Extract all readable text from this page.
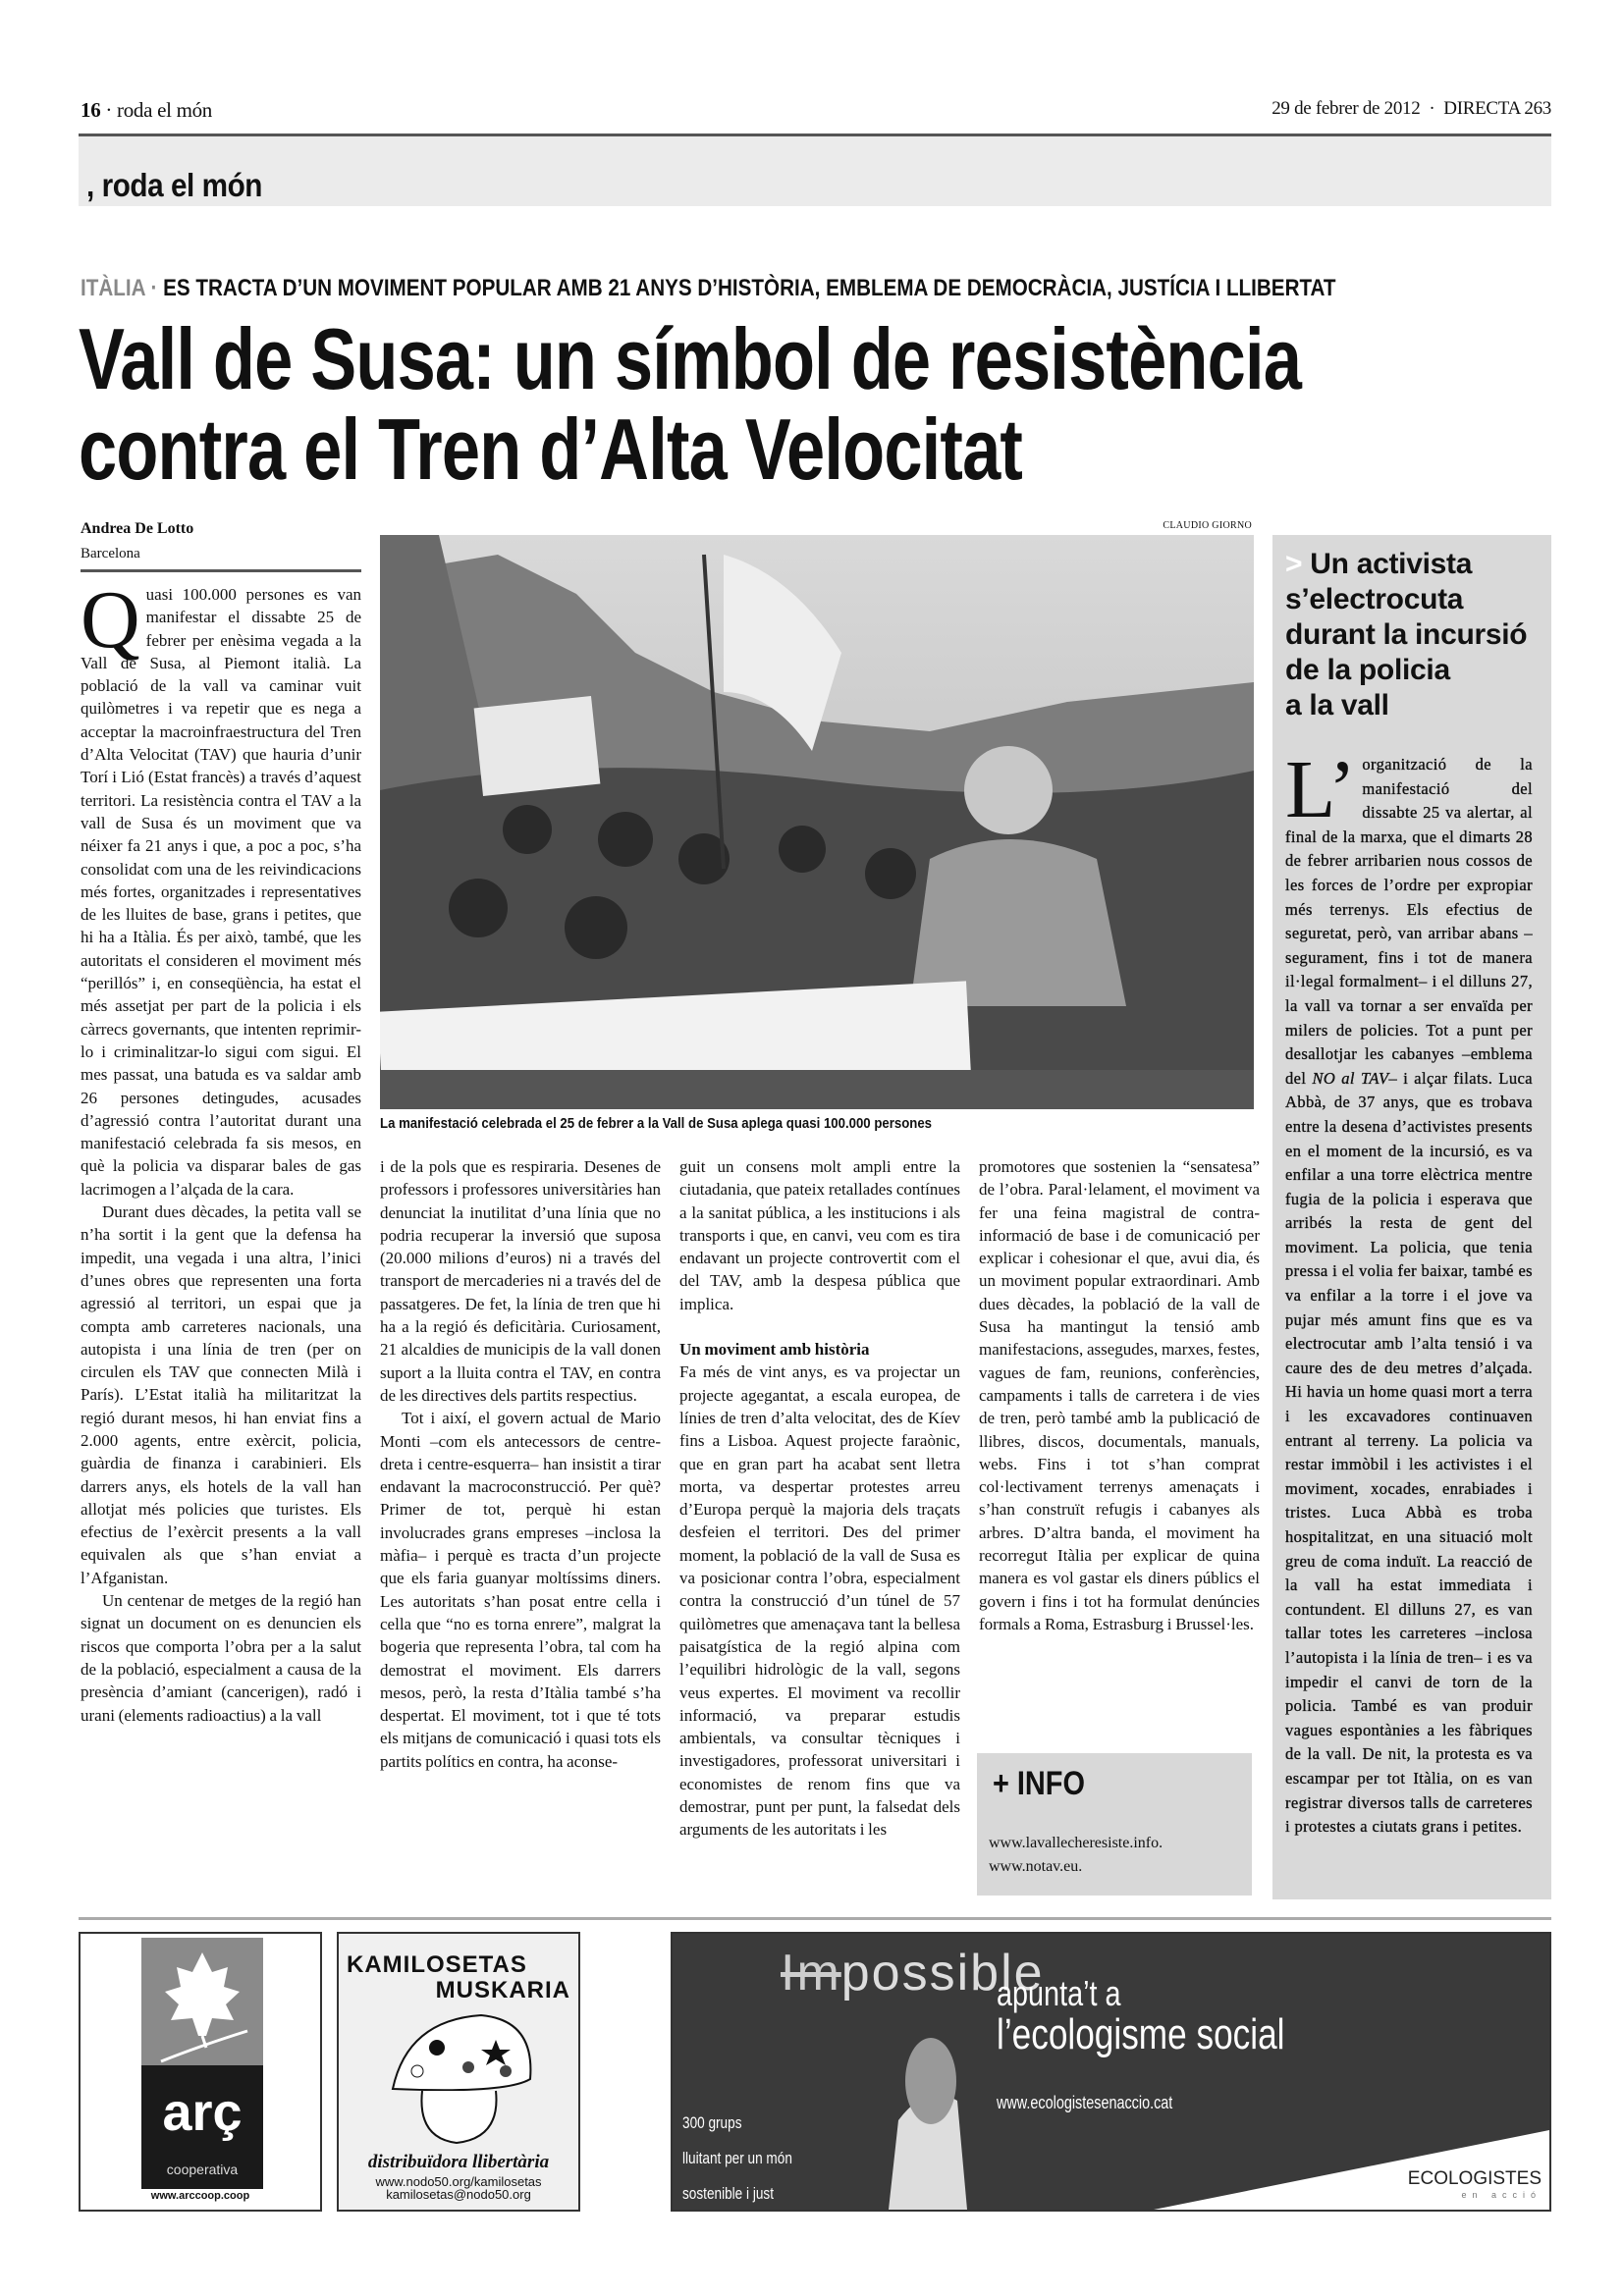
16 · roda el món	29 de febrer de 2012 · DIRECTA 263
, roda el món
ITÀLIA · ES TRACTA D’UN MOVIMENT POPULAR AMB 21 ANYS D’HISTÒRIA, EMBLEMA DE DEMOCRÀCIA, JUSTÍCIA I LLIBERTAT
Vall de Susa: un símbol de resistència
contra el Tren d’Alta Velocitat
Andrea De Lotto
Barcelona
CLAUDIO GIORNO
La manifestació celebrada el 25 de febrer a la Vall de Susa aplega quasi 100.000 persones

Quasi 100.000 persones es van manifestar el dissabte 25 de febrer per enèsima vegada a la Vall de Susa, al Piemont italià. La població de la vall va caminar vuit quilòmetres i va repetir que es nega a acceptar la macroinfraestructura del Tren d’Alta Velocitat (TAV) que hauria d’unir Torí i Lió (Estat francès) a través d’aquest territori. La resistència contra el TAV a la vall de Susa és un moviment que va néixer fa 21 anys i que, a poc a poc, s’ha consolidat com una de les reivindicacions més fortes, organitzades i representatives de les lluites de base, grans i petites, que hi ha a Itàlia. És per això, també, que les autoritats el consideren el moviment més “perillós” i, en conseqüència, ha estat el més assetjat per part de la policia i els càrrecs governants, que intenten reprimir-lo i criminalitzar-lo sigui com sigui. El mes passat, una batuda es va saldar amb 26 persones detingudes, acusades d’agressió contra l’autoritat durant una manifestació celebrada fa sis mesos, en què la policia va disparar bales de gas lacrimogen a l’alçada de la cara.

Durant dues dècades, la petita vall se n’ha sortit i la gent que la defensa ha impedit, una vegada i una altra, l’inici d’unes obres que representen una forta agressió al territori, un espai que ja compta amb carreteres nacionals, una autopista i una línia de tren (per on circulen els TAV que connecten Milà i París). L’Estat italià ha militaritzat la regió durant mesos, hi han enviat fins a 2.000 agents, entre exèrcit, policia, guàrdia de finanza i carabinieri. Els darrers anys, els hotels de la vall han allotjat més policies que turistes. Els efectius de l’exèrcit presents a la vall equivalen als que s’han enviat a l’Afganistan.

Un centenar de metges de la regió han signat un document on es denuncien els riscos que comporta l’obra per a la salut de la població, especialment a causa de la presència d’amiant (cancerigen), radó i urani (elements radioactius) a la vall

i de la pols que es respiraria. Desenes de professors i professores universitàries han denunciat la inutilitat d’una línia que no podria recuperar la inversió que suposa (20.000 milions d’euros) ni a través del transport de mercaderies ni a través del de passatgeres. De fet, la línia de tren que hi ha a la regió és deficitària. Curiosament, 21 alcaldies de municipis de la vall donen suport a la lluita contra el TAV, en contra de les directives dels partits respectius.

Tot i així, el govern actual de Mario Monti –com els antecessors de centre-dreta i centre-esquerra– han insistit a tirar endavant la macroconstrucció. Per què? Primer de tot, perquè hi estan involucrades grans empreses –inclosa la màfia– i perquè es tracta d’un projecte que els faria guanyar moltíssims diners. Les autoritats s’han posat entre cella i cella que “no es torna enrere”, malgrat la bogeria que representa l’obra, tal com ha demostrat el moviment. Els darrers mesos, però, la resta d’Itàlia també s’ha despertat. El moviment, tot i que té tots els mitjans de comunicació i quasi tots els partits polítics en contra, ha aconse-

guit un consens molt ampli entre la ciutadania, que pateix retallades contínues a la sanitat pública, a les institucions i als transports i que, en canvi, veu com es tira endavant un projecte controvertit com el del TAV, amb la despesa pública que implica.

Un moviment amb història

Fa més de vint anys, es va projectar un projecte agegantat, a escala europea, de línies de tren d’alta velocitat, des de Kíev fins a Lisboa. Aquest projecte faraònic, que en gran part ha acabat sent lletra morta, va despertar protestes arreu d’Europa perquè la majoria dels traçats desfeien el territori. Des del primer moment, la població de la vall de Susa es va posicionar contra l’obra, especialment contra la construcció d’un túnel de 57 quilòmetres que amenaçava tant la bellesa paisatgística de la regió alpina com l’equilibri hidrològic de la vall, segons veus expertes. El moviment va recollir informació, va preparar estudis ambientals, va consultar tècniques i investigadores, professorat universitari i economistes de renom fins que va demostrar, punt per punt, la falsedat dels arguments de les autoritats i les

promotores que sostenien la “sensatesa” de l’obra. Paral·lelament, el moviment va fer una feina magistral de contra-informació de base i de comunicació per explicar i cohesionar el que, avui dia, és un moviment popular extraordinari. Amb dues dècades, la població de la vall de Susa ha mantingut la tensió amb manifestacions, assegudes, marxes, festes, vagues de fam, reunions, conferències, campaments i talls de carretera i de vies de tren, però també amb la publicació de llibres, discos, documentals, manuals, webs. Fins i tot s’han comprat col·lectivament terrenys amenaçats i s’han construït refugis i cabanyes als arbres. D’altra banda, el moviment ha recorregut Itàlia per explicar de quina manera es vol gastar els diners públics el govern i fins i tot ha formulat denúncies formals a Roma, Estrasburg i Brussel·les.

+ INFO
www.lavallecheresiste.info.
www.notav.eu.
> Un activista
s’electrocuta
durant la incursió
de la policia
a la vall
L’ organització de la manifestació del dissabte 25 va alertar, al final de la marxa, que el dimarts 28 de febrer arribarien nous cossos de les forces de l’ordre per expropiar més terrenys. Els efectius de seguretat, però, van arribar abans –segurament, fins i tot de manera il·legal formalment– i el dilluns 27, la vall va tornar a ser envaïda per milers de policies. Tot a punt per desallotjar les cabanyes –emblema del NO al TAV– i alçar filats. Luca Abbà, de 37 anys, que es trobava entre la desena d’activistes presents en el moment de la incursió, es va enfilar a una torre elèctrica mentre fugia de la policia i esperava que arribés la resta de gent del moviment. La policia, que tenia pressa i el volia fer baixar, també es va enfilar a la torre i el jove va pujar més amunt fins que es va electrocutar amb l’alta tensió i va caure des de deu metres d’alçada. Hi havia un home quasi mort a terra i les excavadores continuaven entrant al terreny. La policia va restar immòbil i les activistes i el moviment, xocades, enrabiades i tristes. Luca Abbà es troba hospitalitzat, en una situació molt greu de coma induït. La reacció de la vall ha estat immediata i contundent. El dilluns 27, es van tallar totes les carreteres –inclosa l’autopista i la línia de tren– i es va impedir el canvi de torn de la policia. També es van produir vagues espontànies a les fàbriques de la vall. De nit, la protesta es va escampar per tot Itàlia, on es van registrar diversos talls de carreteres i protestes a ciutats grans i petites.
arç
cooperativa
www.arccoop.coop
KAMILOSETAS
MUSKARIA
distribuïdora llibertària
www.nodo50.org/kamilosetas
kamilosetas@nodo50.org
Impossible
apunta’t a
l’ecologisme social
www.ecologistesenaccio.cat
300 grups
lluitant per un món
sostenible i just
ECOLOGISTES
en acció
